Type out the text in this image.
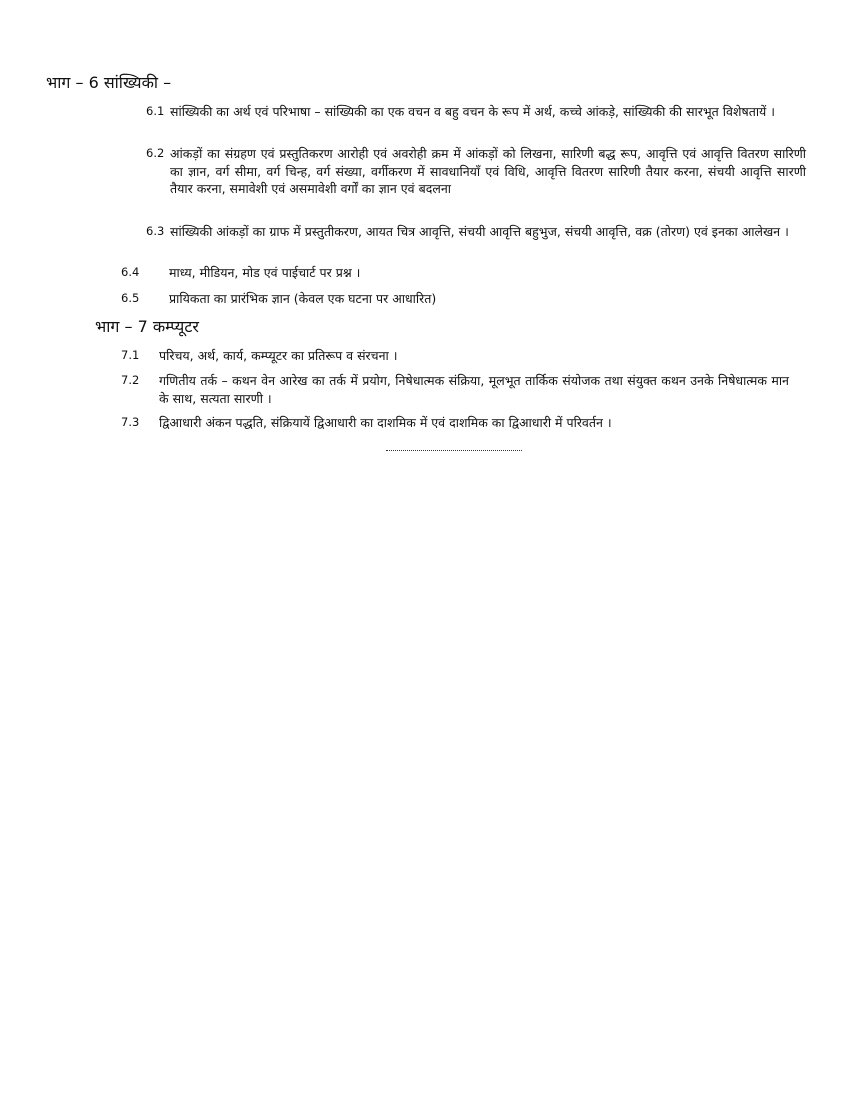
भाग – 6 सांख्यिकी –
6.1 सांख्यिकी का अर्थ एवं परिभाषा – सांख्यिकी का एक वचन व बहु वचन के रूप में अर्थ, कच्चे आंकड़े, सांख्यिकी की सारभूत विशेषतायें ।
6.2 आंकड़ों का संग्रहण एवं प्रस्तुतिकरण आरोही एवं अवरोही क्रम में आंकड़ों को लिखना, सारिणी बद्ध रूप, आवृत्ति एवं आवृत्ति वितरण सारिणी का ज्ञान, वर्ग सीमा, वर्ग चिन्ह, वर्ग संख्या, वर्गीकरण में सावधानियाँ एवं विधि, आवृत्ति वितरण सारिणी तैयार करना, संचयी आवृत्ति सारणी तैयार करना, समावेशी एवं असमावेशी वर्गों का ज्ञान एवं बदलना
6.3 सांख्यिकी आंकड़ों का ग्राफ में प्रस्तुतीकरण, आयत चित्र आवृत्ति, संचयी आवृत्ति बहुभुज, संचयी आवृत्ति, वक्र (तोरण) एवं इनका आलेखन ।
6.4	माध्य, मीडियन, मोड एवं पाईचार्ट पर प्रश्न ।
6.5	प्रायिकता का प्रारंभिक ज्ञान (केवल एक घटना पर आधारित)
भाग – 7 कम्प्यूटर
7.1	परिचय, अर्थ, कार्य, कम्प्यूटर का प्रतिरूप व संरचना ।
7.2	गणितीय तर्क – कथन वेन आरेख का तर्क में प्रयोग, निषेधात्मक संक्रिया, मूलभूत तार्किक संयोजक तथा संयुक्त कथन उनके निषेधात्मक मान के साथ, सत्यता सारणी ।
7.3	द्विआधारी अंकन पद्धति, संक्रियायें द्विआधारी का दाशमिक में एवं दाशमिक का द्विआधारी में परिवर्तन ।
